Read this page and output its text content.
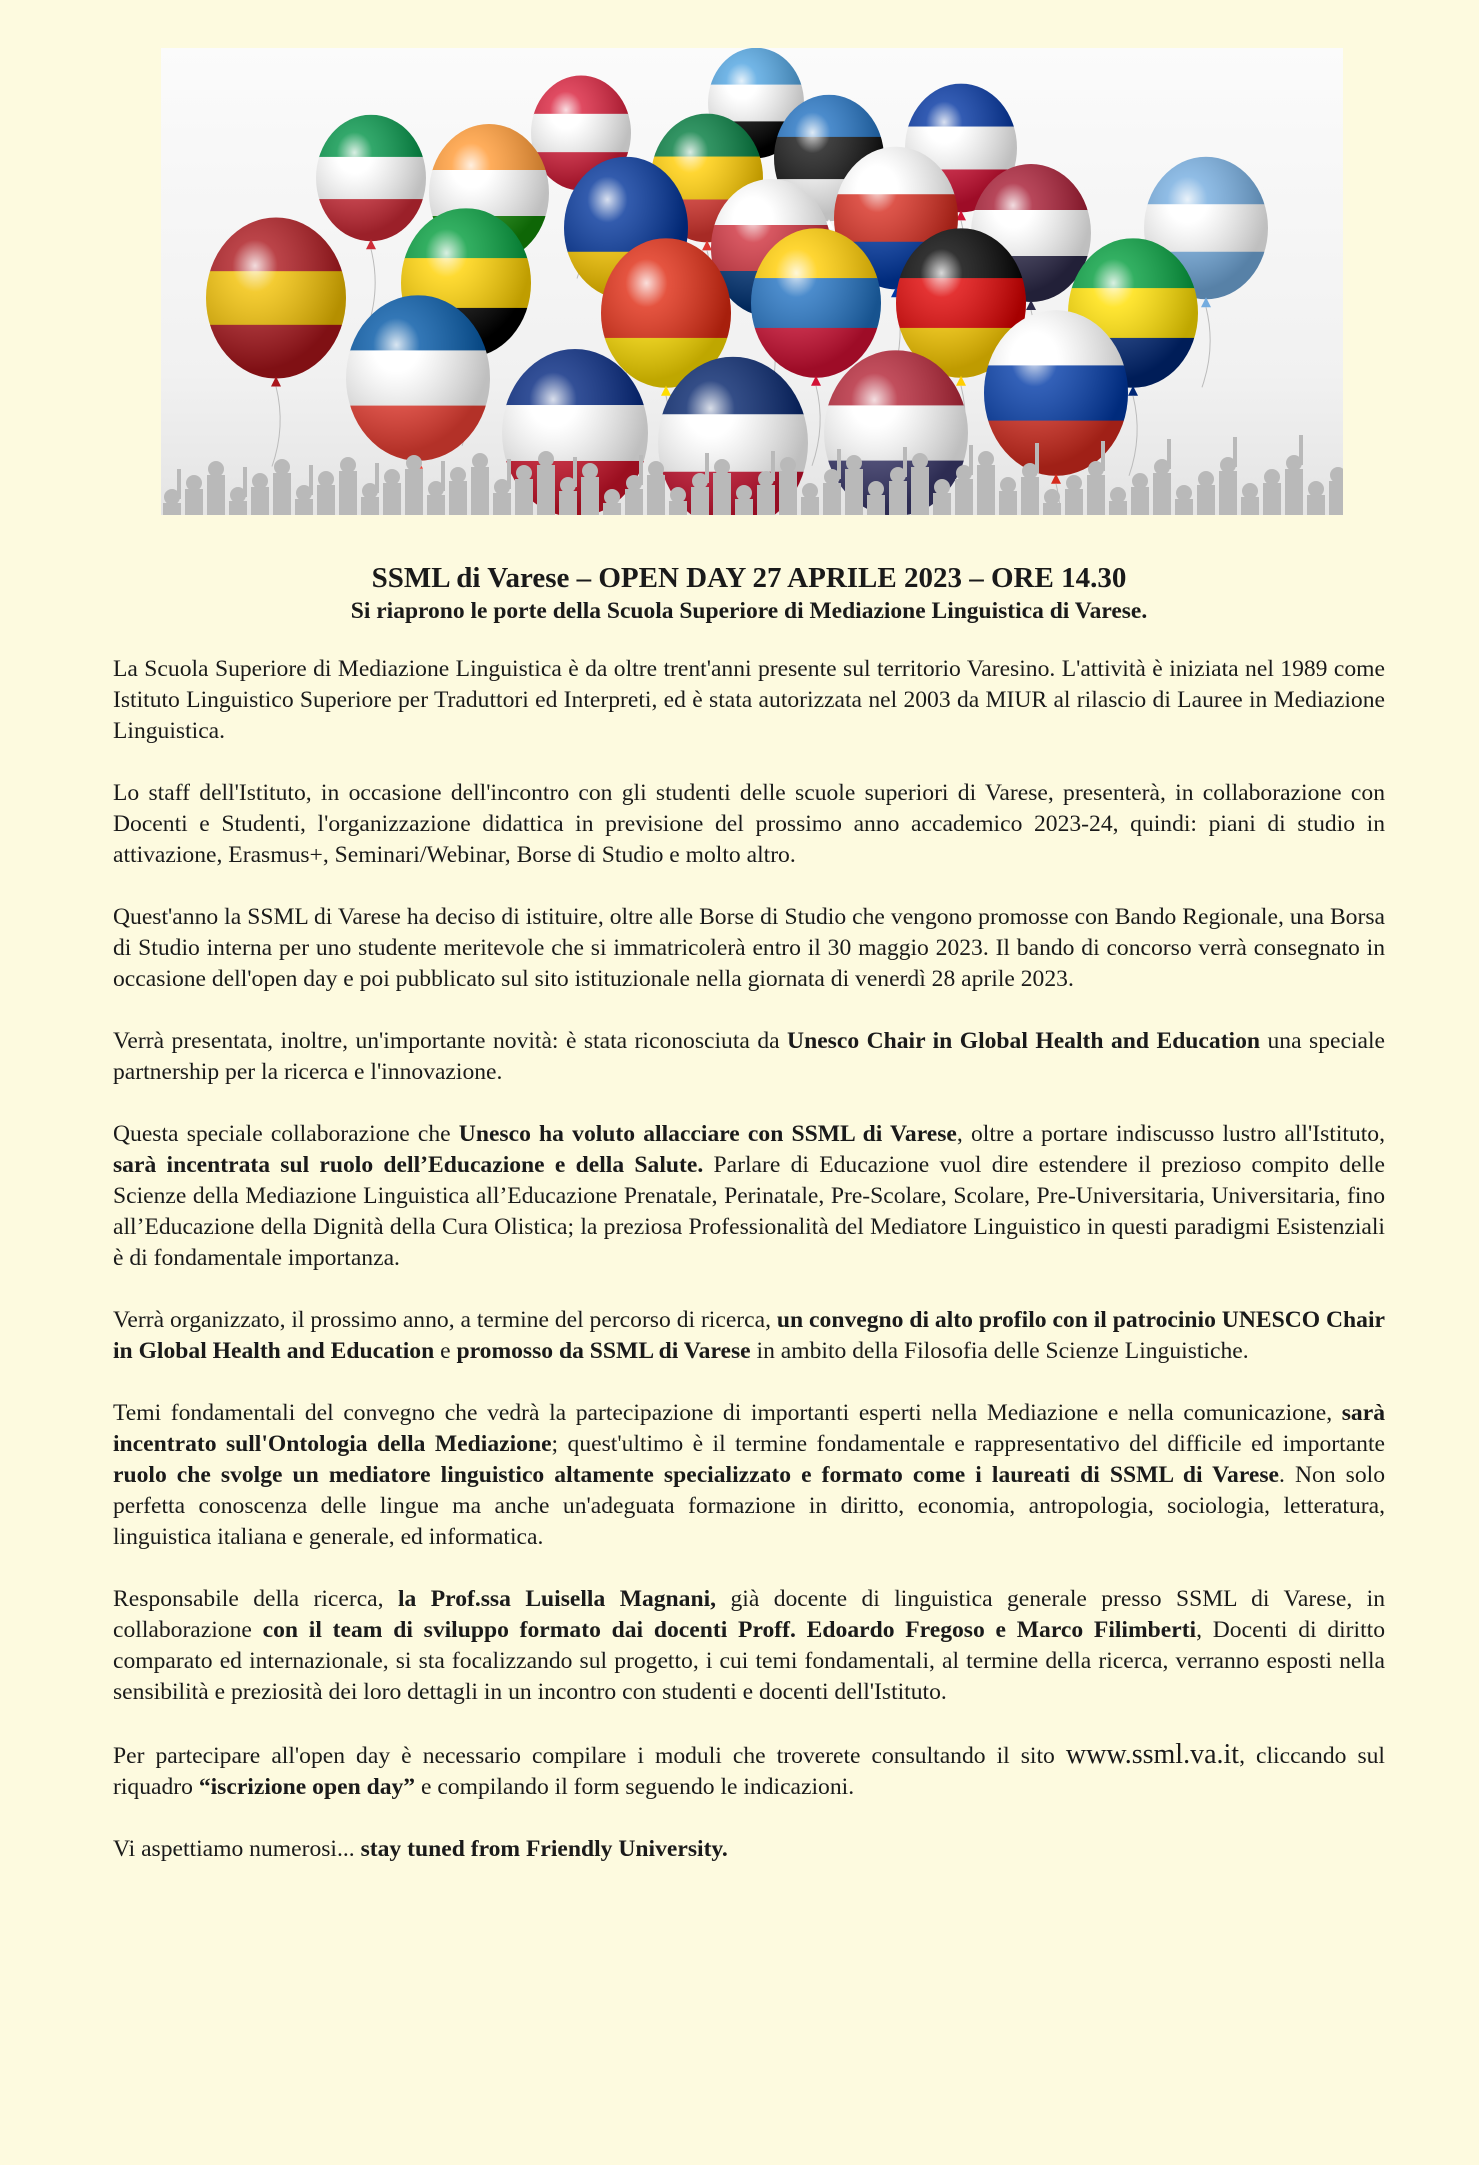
SSML di Varese – OPEN DAY 27 APRILE 2023 – ORE 14.30
Si riaprono le porte della Scuola Superiore di Mediazione Linguistica di Varese.

La Scuola Superiore di Mediazione Linguistica è da oltre trent'anni presente sul territorio Varesino. L'attività è iniziata nel 1989 come Istituto Linguistico Superiore per Traduttori ed Interpreti, ed è stata autorizzata nel 2003 da MIUR al rilascio di Lauree in Mediazione Linguistica.

Lo staff dell'Istituto, in occasione dell'incontro con gli studenti delle scuole superiori di Varese, presenterà, in collaborazione con Docenti e Studenti, l'organizzazione didattica in previsione del prossimo anno accademico 2023-24, quindi: piani di studio in attivazione, Erasmus+, Seminari/Webinar, Borse di Studio e molto altro.

Quest'anno la SSML di Varese ha deciso di istituire, oltre alle Borse di Studio che vengono promosse con Bando Regionale, una Borsa di Studio interna per uno studente meritevole che si immatricolerà entro il 30 maggio 2023. Il bando di concorso verrà consegnato in occasione dell'open day e poi pubblicato sul sito istituzionale nella giornata di venerdì 28 aprile 2023.

Verrà presentata, inoltre, un'importante novità: è stata riconosciuta da Unesco Chair in Global Health and Education una speciale partnership per la ricerca e l'innovazione.

Questa speciale collaborazione che Unesco ha voluto allacciare con SSML di Varese, oltre a portare indiscusso lustro all'Istituto, sarà incentrata sul ruolo dell’Educazione e della Salute. Parlare di Educazione vuol dire estendere il prezioso compito delle Scienze della Mediazione Linguistica all’Educazione Prenatale, Perinatale, Pre-Scolare, Scolare, Pre-Universitaria, Universitaria, fino all’Educazione della Dignità della Cura Olistica; la preziosa Professionalità del Mediatore Linguistico in questi paradigmi Esistenziali è di fondamentale importanza.

Verrà organizzato, il prossimo anno, a termine del percorso di ricerca, un convegno di alto profilo con il patrocinio UNESCO Chair in Global Health and Education e promosso da SSML di Varese in ambito della Filosofia delle Scienze Linguistiche.

Temi fondamentali del convegno che vedrà la partecipazione di importanti esperti nella Mediazione e nella comunicazione, sarà incentrato sull'Ontologia della Mediazione; quest'ultimo è il termine fondamentale e rappresentativo del difficile ed importante ruolo che svolge un mediatore linguistico altamente specializzato e formato come i laureati di SSML di Varese. Non solo perfetta conoscenza delle lingue ma anche un'adeguata formazione in diritto, economia, antropologia, sociologia, letteratura, linguistica italiana e generale, ed informatica.

Responsabile della ricerca, la Prof.ssa Luisella Magnani, già docente di linguistica generale presso SSML di Varese, in collaborazione con il team di sviluppo formato dai docenti Proff. Edoardo Fregoso e Marco Filimberti, Docenti di diritto comparato ed internazionale, si sta focalizzando sul progetto, i cui temi fondamentali, al termine della ricerca, verranno esposti nella sensibilità e preziosità dei loro dettagli in un incontro con studenti e docenti dell'Istituto.

Per partecipare all'open day è necessario compilare i moduli che troverete consultando il sito www.ssml.va.it, cliccando sul riquadro “iscrizione open day” e compilando il form seguendo le indicazioni.

Vi aspettiamo numerosi... stay tuned from Friendly University.
